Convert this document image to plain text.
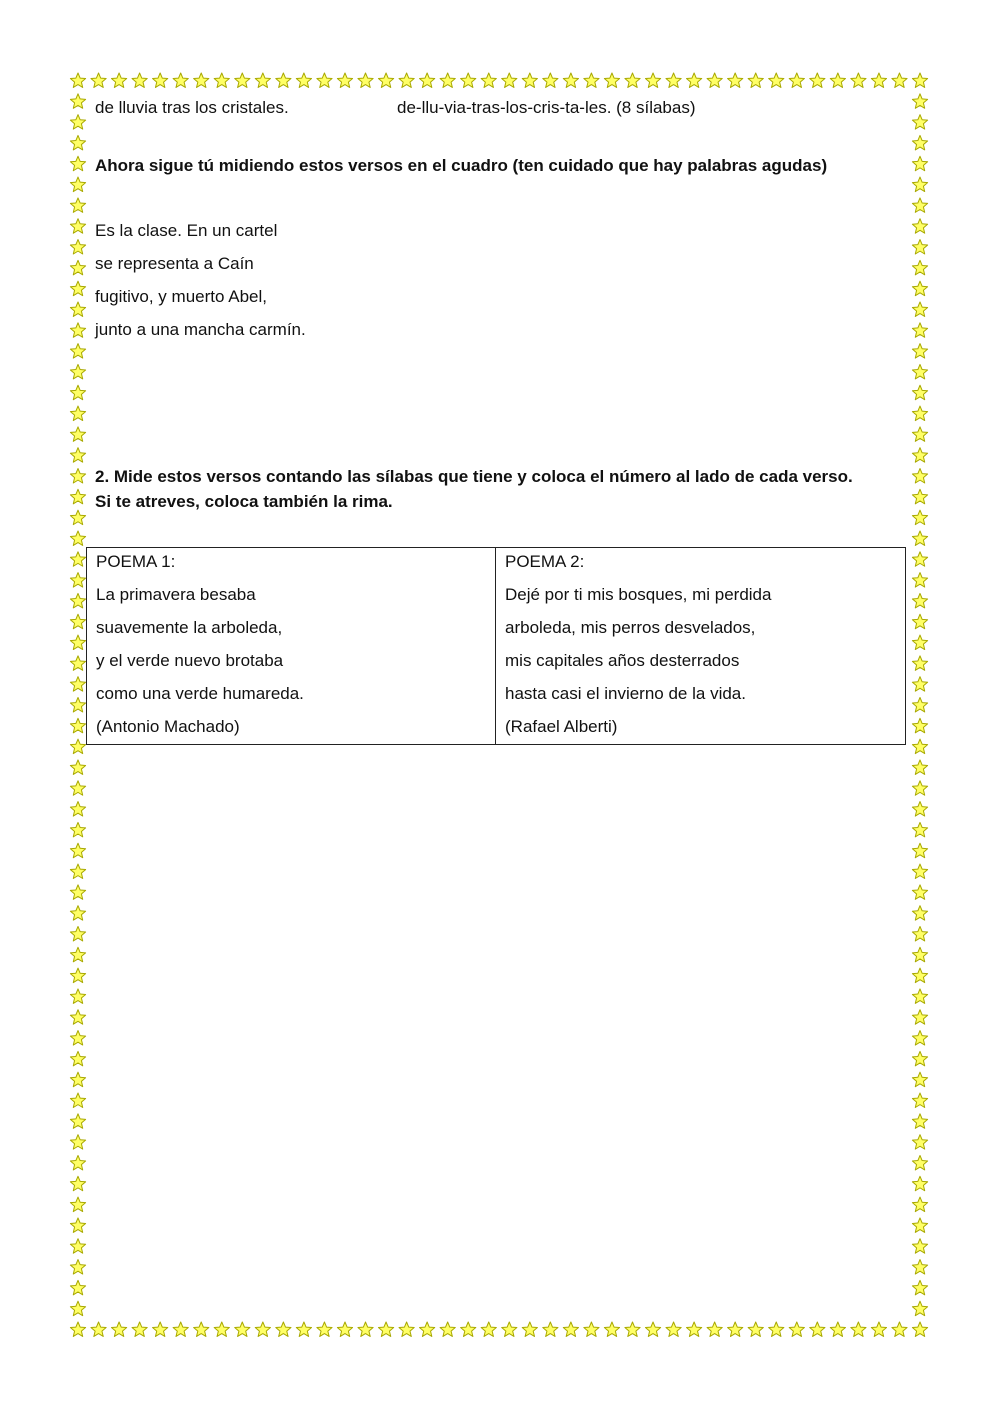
de lluvia tras los cristales.	de-llu-via-tras-los-cris-ta-les. (8 sílabas)
Ahora sigue tú midiendo estos versos en el cuadro (ten cuidado que hay palabras agudas)
Es la clase. En un cartel
se representa a Caín
fugitivo, y muerto Abel,
junto a una mancha carmín.
2. Mide estos versos contando las sílabas que tiene y coloca el número al lado de cada verso.
Si te atreves, coloca también la rima.
POEMA 1:
La primavera besaba
suavemente la arboleda,
y el verde nuevo brotaba
como una verde humareda.
(Antonio Machado)
POEMA 2:
Dejé por ti mis bosques, mi perdida
arboleda, mis perros desvelados,
mis capitales años desterrados
hasta casi el invierno de la vida.
(Rafael Alberti)
